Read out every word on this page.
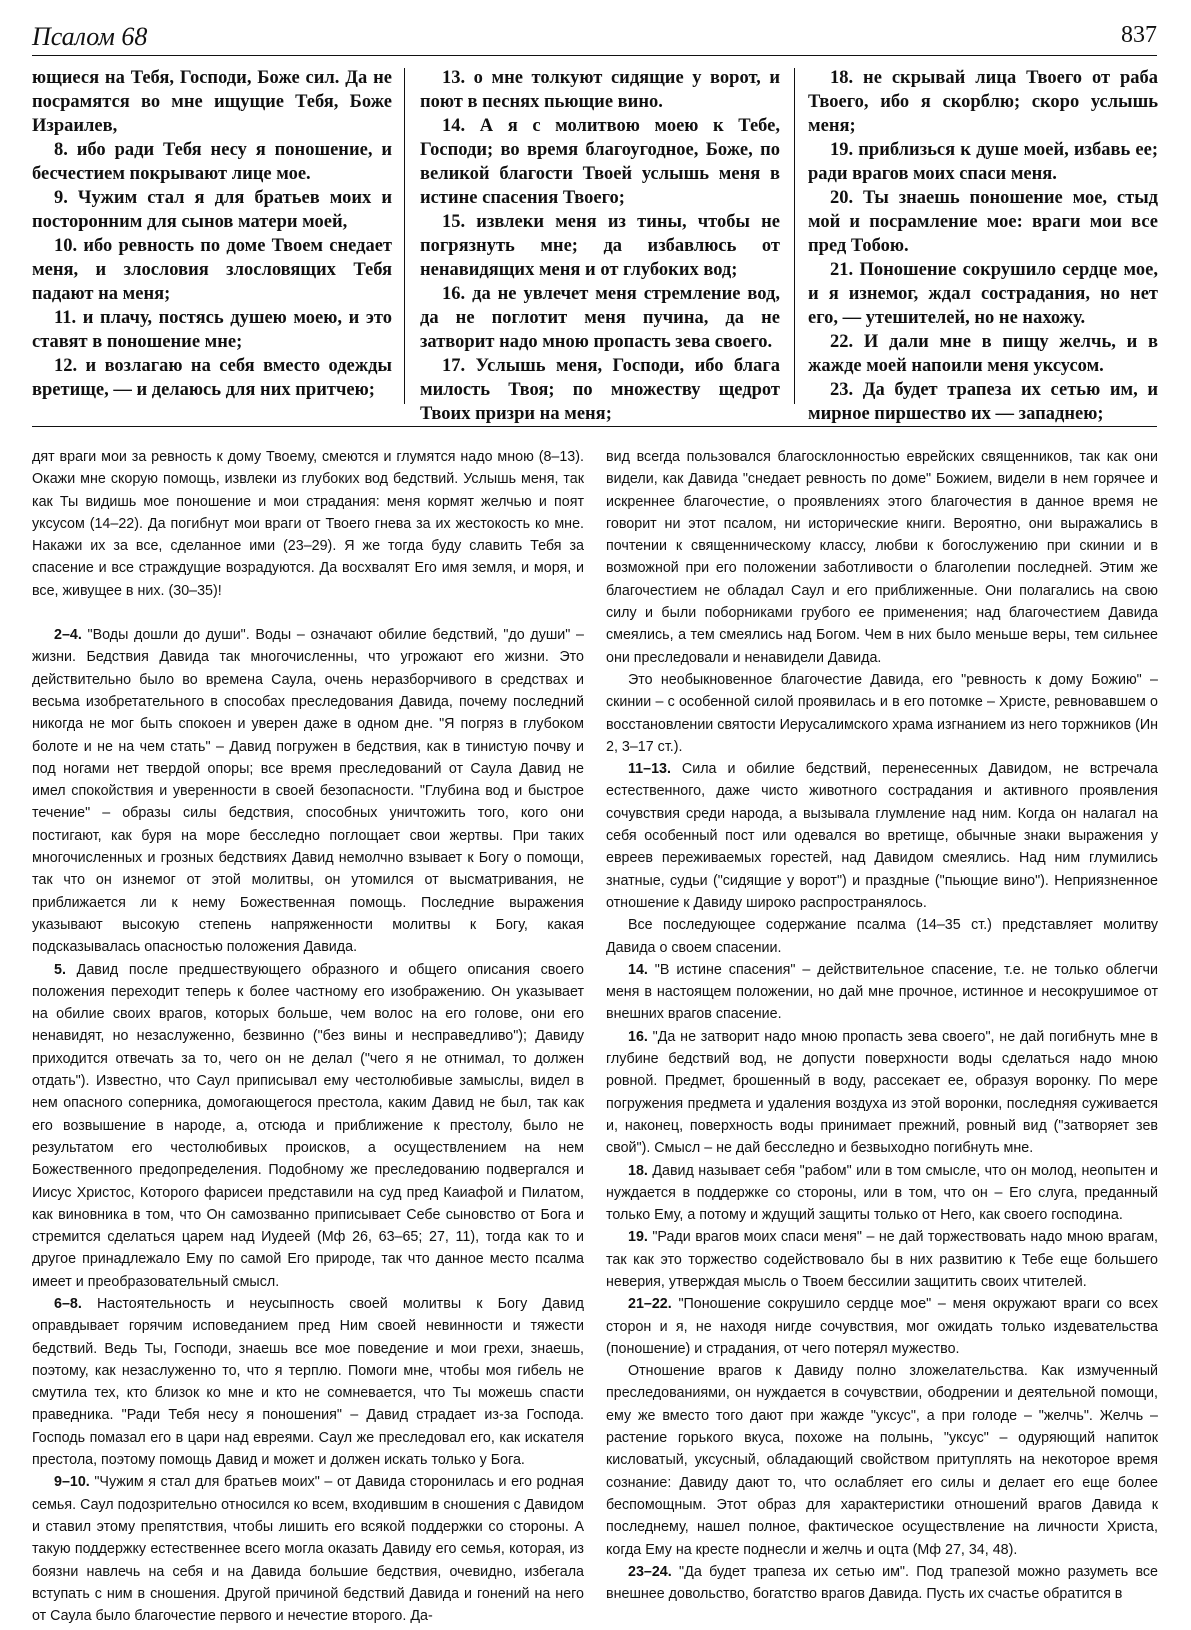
Псалом 68	837

ющиеся на Тебя, Господи, Боже сил. Да не посрамятся во мне ищущие Тебя, Боже Израилев,

8. ибо ради Тебя несу я поношение, и бесчестием покрывают лице мое.

9. Чужим стал я для братьев моих и посторонним для сынов матери моей,

10. ибо ревность по доме Твоем снедает меня, и злословия злословящих Тебя падают на меня;

11. и плачу, постясь душею моею, и это ставят в поношение мне;

12. и возлагаю на себя вместо одежды вретище, — и делаюсь для них притчею;

13. о мне толкуют сидящие у ворот, и поют в песнях пьющие вино.

14. А я с молитвою моею к Тебе, Господи; во время благоугодное, Боже, по великой благости Твоей услышь меня в истине спасения Твоего;

15. извлеки меня из тины, чтобы не погрязнуть мне; да избавлюсь от ненавидящих меня и от глубоких вод;

16. да не увлечет меня стремление вод, да не поглотит меня пучина, да не затворит надо мною пропасть зева своего.

17. Услышь меня, Господи, ибо блага милость Твоя; по множеству щедрот Твоих призри на меня;

18. не скрывай лица Твоего от раба Твоего, ибо я скорблю; скоро услышь меня;

19. приблизься к душе моей, избавь ее; ради врагов моих спаси меня.

20. Ты знаешь поношение мое, стыд мой и посрамление мое: враги мои все пред Тобою.

21. Поношение сокрушило сердце мое, и я изнемог, ждал сострадания, но нет его, — утешителей, но не нахожу.

22. И дали мне в пищу желчь, и в жажде моей напоили меня уксусом.

23. Да будет трапеза их сетью им, и мирное пиршество их — западнею;

дят враги мои за ревность к дому Твоему, смеются и глумятся надо мною (8–13). Окажи мне скорую помощь, извлеки из глубоких вод бедствий. Услышь меня, так как Ты видишь мое поношение и мои страдания: меня кормят желчью и поят уксусом (14–22). Да погибнут мои враги от Твоего гнева за их жестокость ко мне. Накажи их за все, сделанное ими (23–29). Я же тогда буду славить Тебя за спасение и все страждущие возрадуются. Да восхвалят Его имя земля, и моря, и все, живущее в них. (30–35)!

2–4. "Воды дошли до души". Воды – означают обилие бедствий, "до души" – жизни. Бедствия Давида так многочисленны, что угрожают его жизни. Это действительно было во времена Саула, очень неразборчивого в средствах и весьма изобретательного в способах преследования Давида, почему последний никогда не мог быть спокоен и уверен даже в одном дне. "Я погряз в глубоком болоте и не на чем стать" – Давид погружен в бедствия, как в тинистую почву и под ногами нет твердой опоры; все время преследований от Саула Давид не имел спокойствия и уверенности в своей безопасности. "Глубина вод и быстрое течение" – образы силы бедствия, способных уничтожить того, кого они постигают, как буря на море бесследно поглощает свои жертвы. При таких многочисленных и грозных бедствиях Давид немолчно взывает к Богу о помощи, так что он изнемог от этой молитвы, он утомился от высматривания, не приближается ли к нему Божественная помощь. Последние выражения указывают высокую степень напряженности молитвы к Богу, какая подсказывалась опасностью положения Давида.

5. Давид после предшествующего образного и общего описания своего положения переходит теперь к более частному его изображению. Он указывает на обилие своих врагов, которых больше, чем волос на его голове, они его ненавидят, но незаслуженно, безвинно ("без вины и несправедливо"); Давиду приходится отвечать за то, чего он не делал ("чего я не отнимал, то должен отдать"). Известно, что Саул приписывал ему честолюбивые замыслы, видел в нем опасного соперника, домогающегося престола, каким Давид не был, так как его возвышение в народе, а, отсюда и приближение к престолу, было не результатом его честолюбивых происков, а осуществлением на нем Божественного предопределения. Подобному же преследованию подвергался и Иисус Христос, Которого фарисеи представили на суд пред Каиафой и Пилатом, как виновника в том, что Он самозванно приписывает Себе сыновство от Бога и стремится сделаться царем над Иудеей (Мф 26, 63–65; 27, 11), тогда как то и другое принадлежало Ему по самой Его природе, так что данное место псалма имеет и преобразовательный смысл.

6–8. Настоятельность и неусыпность своей молитвы к Богу Давид оправдывает горячим исповеданием пред Ним своей невинности и тяжести бедствий. Ведь Ты, Господи, знаешь все мое поведение и мои грехи, знаешь, поэтому, как незаслуженно то, что я терплю. Помоги мне, чтобы моя гибель не смутила тех, кто близок ко мне и кто не сомневается, что Ты можешь спасти праведника. "Ради Тебя несу я поношения" – Давид страдает из-за Господа. Господь помазал его в цари над евреями. Саул же преследовал его, как искателя престола, поэтому помощь Давид и может и должен искать только у Бога.

9–10. "Чужим я стал для братьев моих" – от Давида сторонилась и его родная семья. Саул подозрительно относился ко всем, входившим в сношения с Давидом и ставил этому препятствия, чтобы лишить его всякой поддержки со стороны. А такую поддержку естественнее всего могла оказать Давиду его семья, которая, из боязни навлечь на себя и на Давида большие бедствия, очевидно, избегала вступать с ним в сношения. Другой причиной бедствий Давида и гонений на него от Саула было благочестие первого и нечестие второго. Да-

вид всегда пользовался благосклонностью еврейских священников, так как они видели, как Давида "снедает ревность по доме" Божием, видели в нем горячее и искреннее благочестие, о проявлениях этого благочестия в данное время не говорит ни этот псалом, ни исторические книги. Вероятно, они выражались в почтении к священническому классу, любви к богослужению при скинии и в возможной при его положении заботливости о благолепии последней. Этим же благочестием не обладал Саул и его приближенные. Они полагались на свою силу и были поборниками грубого ее применения; над благочестием Давида смеялись, а тем смеялись над Богом. Чем в них было меньше веры, тем сильнее они преследовали и ненавидели Давида.

Это необыкновенное благочестие Давида, его "ревность к дому Божию" – скинии – с особенной силой проявилась и в его потомке – Христе, ревновавшем о восстановлении святости Иерусалимского храма изгнанием из него торжников (Ин 2, 3–17 ст.).

11–13. Сила и обилие бедствий, перенесенных Давидом, не встречала естественного, даже чисто животного сострадания и активного проявления сочувствия среди народа, а вызывала глумление над ним. Когда он налагал на себя особенный пост или одевался во вретище, обычные знаки выражения у евреев переживаемых горестей, над Давидом смеялись. Над ним глумились знатные, судьи ("сидящие у ворот") и праздные ("пьющие вино"). Неприязненное отношение к Давиду широко распространялось.

Все последующее содержание псалма (14–35 ст.) представляет молитву Давида о своем спасении.

14. "В истине спасения" – действительное спасение, т.е. не только облегчи меня в настоящем положении, но дай мне прочное, истинное и несокрушимое от внешних врагов спасение.

16. "Да не затворит надо мною пропасть зева своего", не дай погибнуть мне в глубине бедствий вод, не допусти поверхности воды сделаться надо мною ровной. Предмет, брошенный в воду, рассекает ее, образуя воронку. По мере погружения предмета и удаления воздуха из этой воронки, последняя суживается и, наконец, поверхность воды принимает прежний, ровный вид ("затворяет зев свой"). Смысл – не дай бесследно и безвыходно погибнуть мне.

18. Давид называет себя "рабом" или в том смысле, что он молод, неопытен и нуждается в поддержке со стороны, или в том, что он – Его слуга, преданный только Ему, а потому и ждущий защиты только от Него, как своего господина.

19. "Ради врагов моих спаси меня" – не дай торжествовать надо мною врагам, так как это торжество содействовало бы в них развитию к Тебе еще большего неверия, утверждая мысль о Твоем бессилии защитить своих чтителей.

21–22. "Поношение сокрушило сердце мое" – меня окружают враги со всех сторон и я, не находя нигде сочувствия, мог ожидать только издевательства (поношение) и страдания, от чего потерял мужество.

Отношение врагов к Давиду полно зложелательства. Как измученный преследованиями, он нуждается в сочувствии, ободрении и деятельной помощи, ему же вместо того дают при жажде "уксус", а при голоде – "желчь". Желчь – растение горького вкуса, похоже на полынь, "уксус" – одуряющий напиток кисловатый, уксусный, обладающий свойством притуплять на некоторое время сознание: Давиду дают то, что ослабляет его силы и делает его еще более беспомощным. Этот образ для характеристики отношений врагов Давида к последнему, нашел полное, фактическое осуществление на личности Христа, когда Ему на кресте поднесли и желчь и оцта (Мф 27, 34, 48).

23–24. "Да будет трапеза их сетью им". Под трапезой можно разуметь все внешнее довольство, богатство врагов Давида. Пусть их счастье обратится в
